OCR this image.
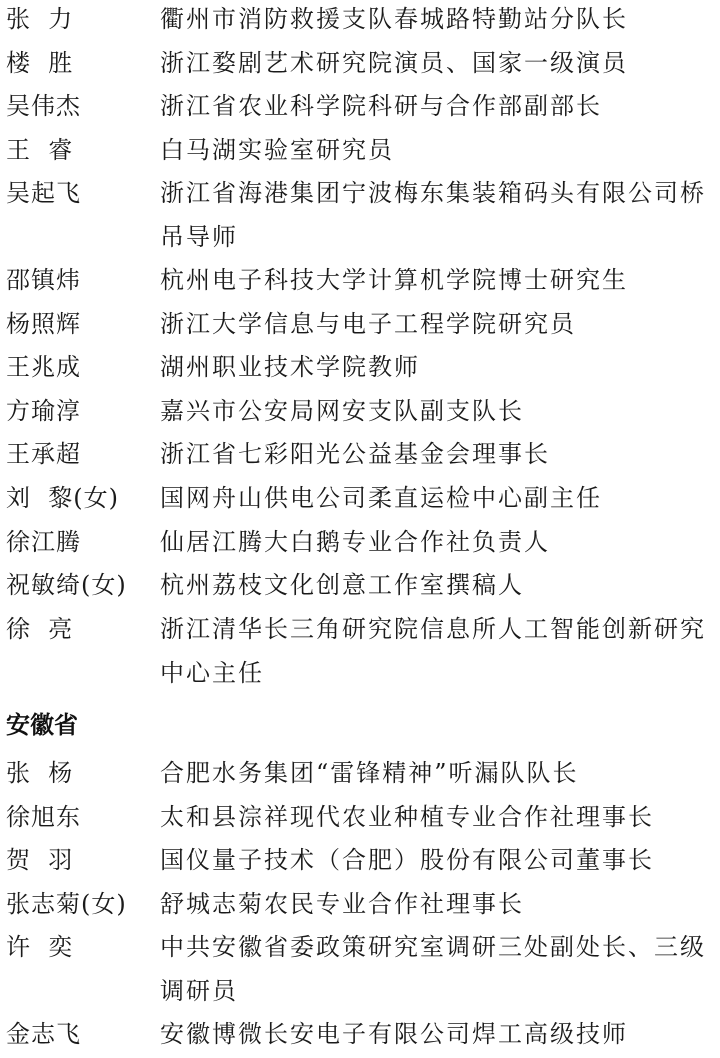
张  力	衢州市消防救援支队春城路特勤站分队长
楼  胜	浙江婺剧艺术研究院演员、国家一级演员
吴伟杰	浙江省农业科学院科研与合作部副部长
王  睿	白马湖实验室研究员
吴起飞	浙江省海港集团宁波梅东集装箱码头有限公司桥吊导师
邵镇炜	杭州电子科技大学计算机学院博士研究生
杨照辉	浙江大学信息与电子工程学院研究员
王兆成	湖州职业技术学院教师
方瑜淳	嘉兴市公安局网安支队副支队长
王承超	浙江省七彩阳光公益基金会理事长
刘  黎(女) 国网舟山供电公司柔直运检中心副主任
徐江腾	仙居江腾大白鹅专业合作社负责人
祝敏绮(女) 杭州荔枝文化创意工作室撰稿人
徐  亮	浙江清华长三角研究院信息所人工智能创新研究中心主任
安徽省
张  杨	合肥水务集团“雷锋精神”听漏队队长
徐旭东	太和县淙祥现代农业种植专业合作社理事长
贺  羽	国仪量子技术（合肥）股份有限公司董事长
张志菊(女) 舒城志菊农民专业合作社理事长
许  奕	中共安徽省委政策研究室调研三处副处长、三级调研员
金志飞	安徽博微长安电子有限公司焊工高级技师
